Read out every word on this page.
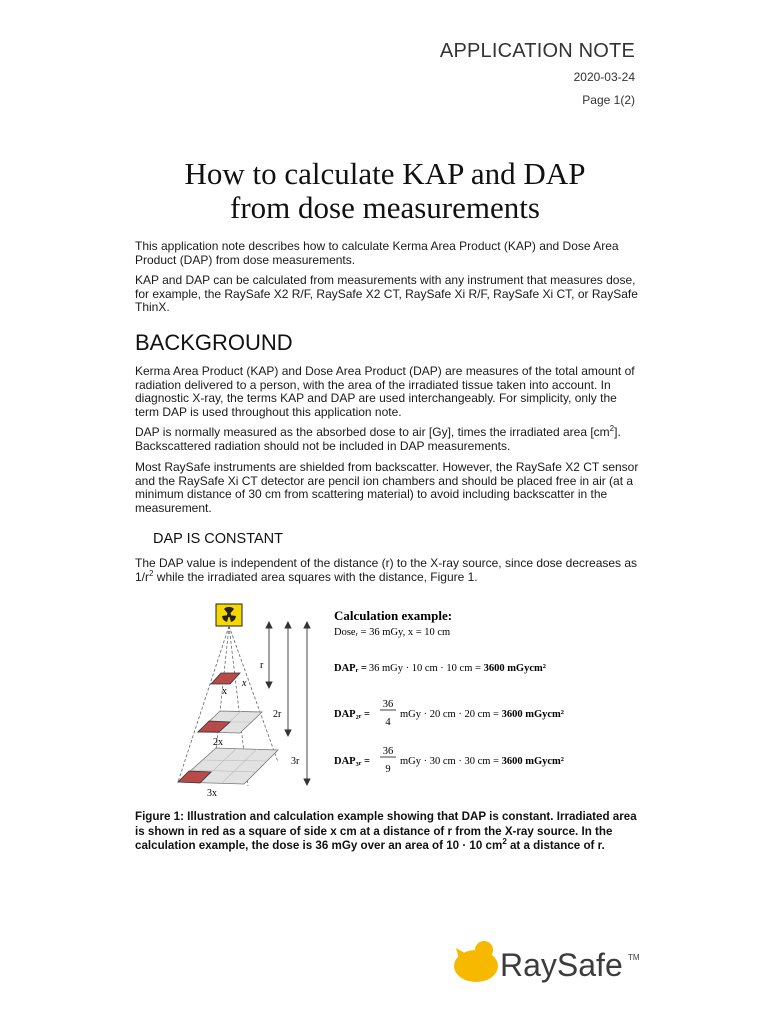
APPLICATION NOTE
2020-03-24
Page 1(2)
How to calculate KAP and DAP
from dose measurements
This application note describes how to calculate Kerma Area Product (KAP) and Dose Area Product (DAP) from dose measurements.
KAP and DAP can be calculated from measurements with any instrument that measures dose, for example, the RaySafe X2 R/F, RaySafe X2 CT, RaySafe Xi R/F, RaySafe Xi CT, or RaySafe ThinX.
BACKGROUND
Kerma Area Product (KAP) and Dose Area Product (DAP) are measures of the total amount of radiation delivered to a person, with the area of the irradiated tissue taken into account. In diagnostic X-ray, the terms KAP and DAP are used interchangeably. For simplicity, only the term DAP is used throughout this application note.
DAP is normally measured as the absorbed dose to air [Gy], times the irradiated area $[cm^2]$. Backscattered radiation should not be included in DAP measurements.
Most RaySafe instruments are shielded from backscatter. However, the RaySafe X2 CT sensor and the RaySafe Xi CT detector are pencil ion chambers and should be placed free in air (at a minimum distance of 30 cm from scattering material) to avoid including backscatter in the measurement.
DAP IS CONSTANT
The DAP value is independent of the distance (r) to the X-ray source, since dose decreases as $1/r^2$ while the irradiated area squares with the distance, Figure 1.
r
x
x
2r
2x
3r
3x
Calculation example:
Doseᵣ = 36 mGy, x = 10 cm
DAPᵣ = 36 mGy · 10 cm · 10 cm = 3600 mGycm²
DAP₂ᵣ =
36
4
mGy · 20 cm · 20 cm = 3600 mGycm²
DAP₃ᵣ =
36
9
mGy · 30 cm · 30 cm = 3600 mGycm²
Figure 1: Illustration and calculation example showing that DAP is constant. Irradiated area is shown in red as a square of side x cm at a distance of r from the X-ray source. In the calculation example, the dose is 36 mGy over an area of 10 · 10 $cm^2$ at a distance of r.
RaySafe TM
